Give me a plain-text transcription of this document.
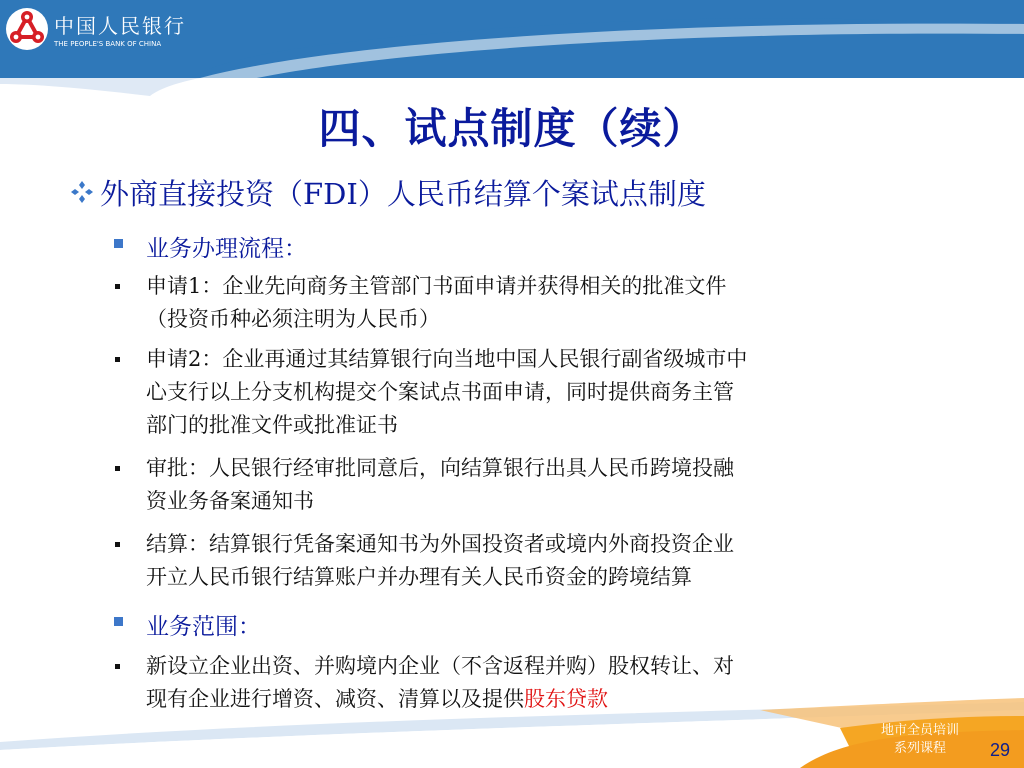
中国人民银行
THE PEOPLE'S BANK OF CHINA
四、试点制度（续）
外商直接投资（FDI）人民币结算个案试点制度
业务办理流程：
申请1：企业先向商务主管部门书面申请并获得相关的批准文件
（投资币种必须注明为人民币）
申请2：企业再通过其结算银行向当地中国人民银行副省级城市中
心支行以上分支机构提交个案试点书面申请，同时提供商务主管
部门的批准文件或批准证书
审批：人民银行经审批同意后，向结算银行出具人民币跨境投融
资业务备案通知书
结算：结算银行凭备案通知书为外国投资者或境内外商投资企业
开立人民币银行结算账户并办理有关人民币资金的跨境结算
业务范围：
新设立企业出资、并购境内企业（不含返程并购）股权转让、对
现有企业进行增资、减资、清算以及提供股东贷款
地市全员培训
系列课程	29
